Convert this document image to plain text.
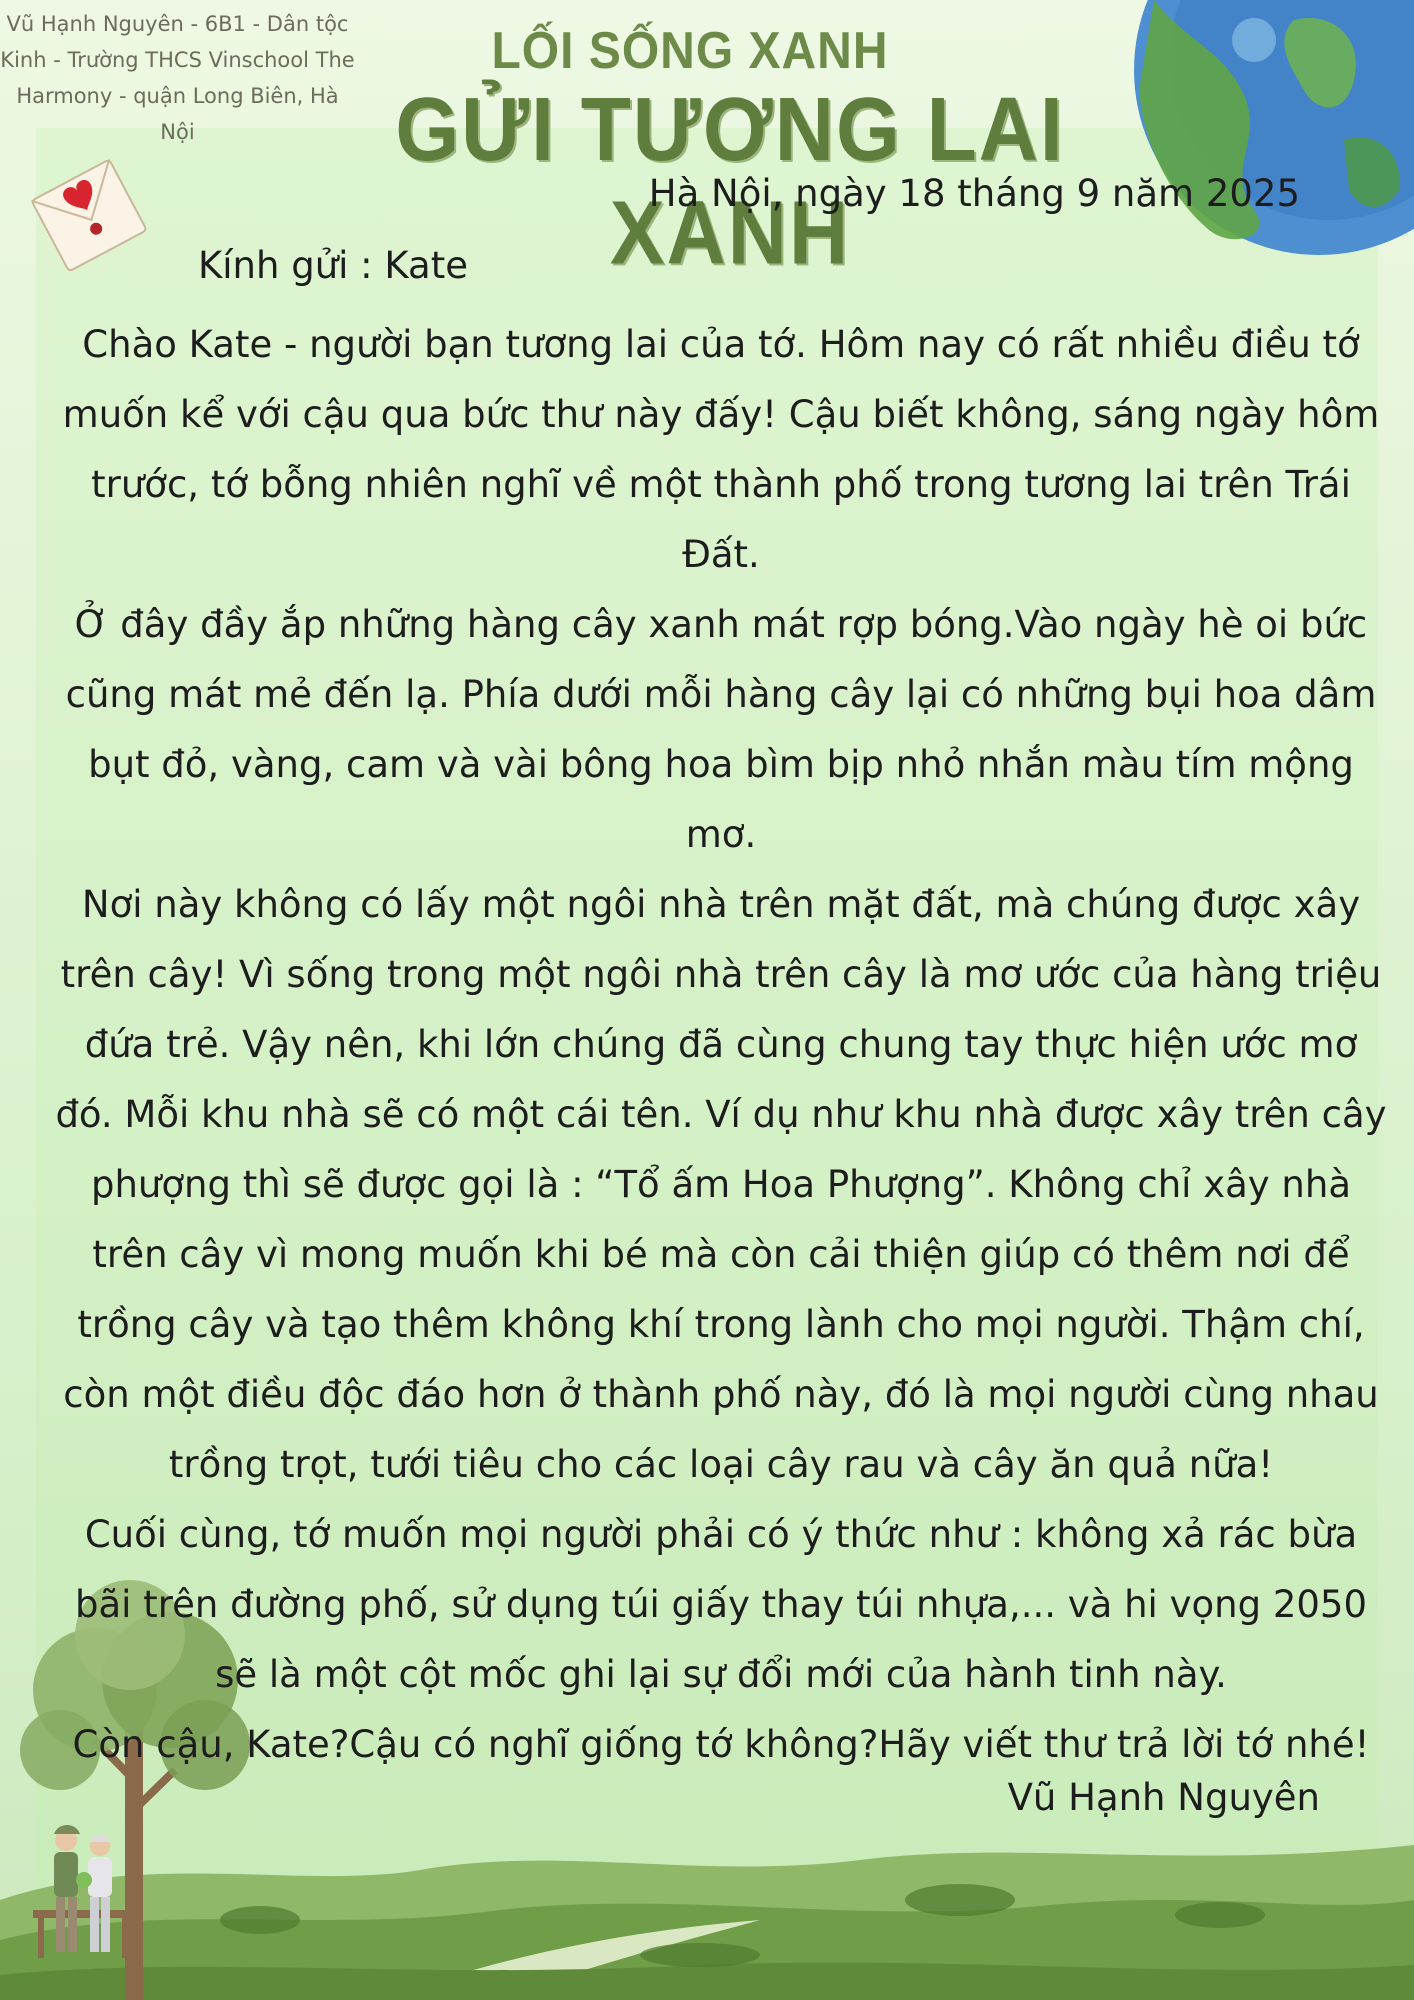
Vũ Hạnh Nguyên - 6B1 - Dân tộc Kinh - Trường THCS Vinschool The Harmony - quận Long Biên, Hà Nội
LỐI SỐNG XANH
GỬI TƯƠNG LAI XANH
Hà Nội, ngày 18 tháng 9 năm 2025
Kính gửi : Kate

Chào Kate - người bạn tương lai của tớ. Hôm nay có rất nhiều điều tớ muốn kể với cậu qua bức thư này đấy! Cậu biết không, sáng ngày hôm trước, tớ bỗng nhiên nghĩ về một thành phố trong tương lai trên Trái Đất.

Ở đây đầy ắp những hàng cây xanh mát rợp bóng.Vào ngày hè oi bức cũng mát mẻ đến lạ. Phía dưới mỗi hàng cây lại có những bụi hoa dâm bụt đỏ, vàng, cam và vài bông hoa bìm bịp nhỏ nhắn màu tím mộng mơ.

Nơi này không có lấy một ngôi nhà trên mặt đất, mà chúng được xây trên cây! Vì sống trong một ngôi nhà trên cây là mơ ước của hàng triệu đứa trẻ. Vậy nên, khi lớn chúng đã cùng chung tay thực hiện ước mơ đó. Mỗi khu nhà sẽ có một cái tên. Ví dụ như khu nhà được xây trên cây phượng thì sẽ được gọi là : “Tổ ấm Hoa Phượng”. Không chỉ xây nhà trên cây vì mong muốn khi bé mà còn cải thiện giúp có thêm nơi để trồng cây và tạo thêm không khí trong lành cho mọi người. Thậm chí, còn một điều độc đáo hơn ở thành phố này, đó là mọi người cùng nhau trồng trọt, tưới tiêu cho các loại cây rau và cây ăn quả nữa!

Cuối cùng, tớ muốn mọi người phải có ý thức như : không xả rác bừa bãi trên đường phố, sử dụng túi giấy thay túi nhựa,... và hi vọng 2050 sẽ là một cột mốc ghi lại sự đổi mới của hành tinh này.

Còn cậu, Kate?Cậu có nghĩ giống tớ không?Hãy viết thư trả lời tớ nhé!

Vũ Hạnh Nguyên
